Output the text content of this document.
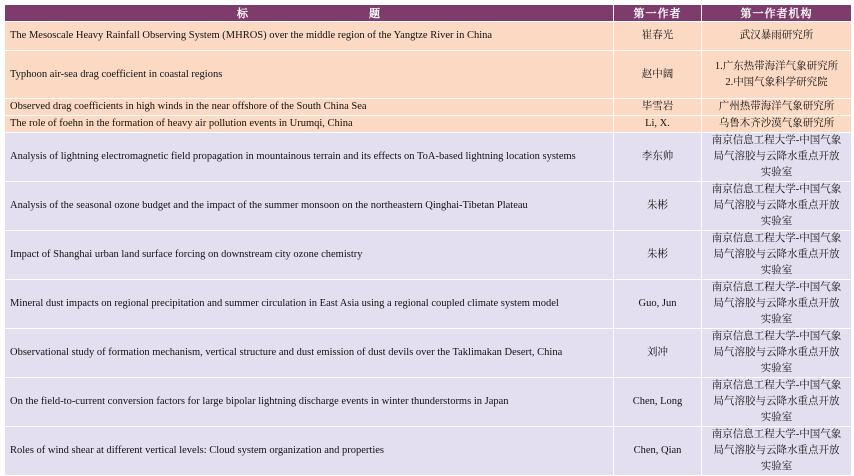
标 题	第一作者	第一作者机构
The Mesoscale Heavy Rainfall Observing System (MHROS) over the middle region of the Yangtze River in China	崔春光	武汉暴雨研究所

Typhoon air-sea drag coefficient in coastal regions	赵中阔	1.广东热带海洋气象研究所
2.中国气象科学研究院

Observed drag coefficients in high winds in the near offshore of the South China Sea	毕雪岩	广州热带海洋气象研究所

The role of foehn in the formation of heavy air pollution events in Urumqi, China	Li, X.	乌鲁木齐沙漠气象研究所

Analysis of lightning electromagnetic field propagation in mountainous terrain and its effects on ToA-based lightning location systems	李东帅	南京信息工程大学-中国气象
局气溶胶与云降水重点开放
实验室

Analysis of the seasonal ozone budget and the impact of the summer monsoon on the northeastern Qinghai-Tibetan Plateau	朱彬	南京信息工程大学-中国气象
局气溶胶与云降水重点开放
实验室

Impact of Shanghai urban land surface forcing on downstream city ozone chemistry	朱彬	南京信息工程大学-中国气象
局气溶胶与云降水重点开放
实验室

Mineral dust impacts on regional precipitation and summer circulation in East Asia using a regional coupled climate system model	Guo, Jun	南京信息工程大学-中国气象
局气溶胶与云降水重点开放
实验室

Observational study of formation mechanism, vertical structure and dust emission of dust devils over the Taklimakan Desert, China	刘冲	南京信息工程大学-中国气象
局气溶胶与云降水重点开放
实验室

On the field-to-current conversion factors for large bipolar lightning discharge events in winter thunderstorms in Japan	Chen, Long	南京信息工程大学-中国气象
局气溶胶与云降水重点开放
实验室

Roles of wind shear at different vertical levels: Cloud system organization and properties	Chen, Qian	南京信息工程大学-中国气象
局气溶胶与云降水重点开放
实验室
